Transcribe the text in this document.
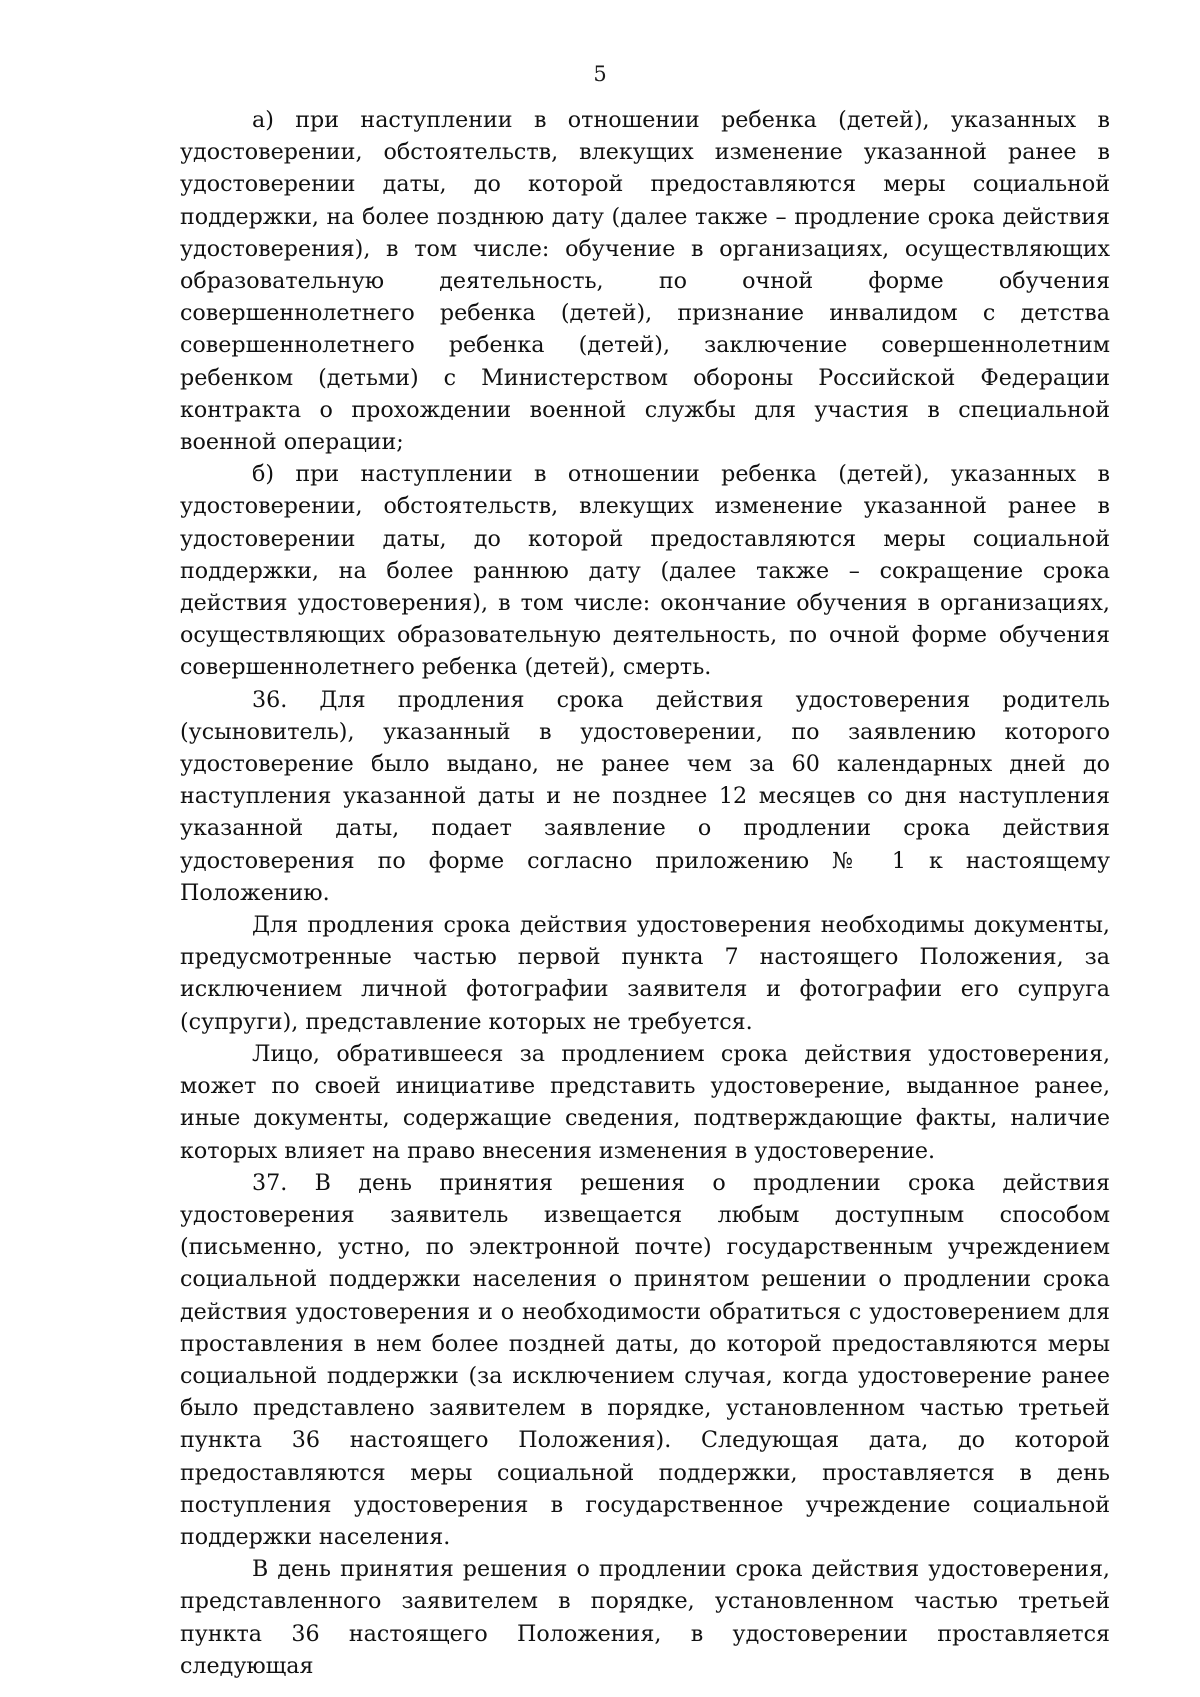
5

а) при наступлении в отношении ребенка (детей), указанных в удостоверении, обстоятельств, влекущих изменение указанной ранее в удостоверении даты, до которой предоставляются меры социальной поддержки, на более позднюю дату (далее также – продление срока действия удостоверения), в том числе: обучение в организациях, осуществляющих образовательную деятельность, по очной форме обучения совершеннолетнего ребенка (детей), признание инвалидом с детства совершеннолетнего ребенка (детей), заключение совершеннолетним ребенком (детьми) с Министерством обороны Российской Федерации контракта о прохождении военной службы для участия в специальной военной операции;

б) при наступлении в отношении ребенка (детей), указанных в удостоверении, обстоятельств, влекущих изменение указанной ранее в удостоверении даты, до которой предоставляются меры социальной поддержки, на более раннюю дату (далее также – сокращение срока действия удостоверения), в том числе: окончание обучения в организациях, осуществляющих образовательную деятельность, по очной форме обучения совершеннолетнего ребенка (детей), смерть.

36. Для продления срока действия удостоверения родитель (усыновитель), указанный в удостоверении, по заявлению которого удостоверение было выдано, не ранее чем за 60 календарных дней до наступления указанной даты и не позднее 12 месяцев со дня наступления указанной даты, подает заявление о продлении срока действия удостоверения по форме согласно приложению № 1 к настоящему Положению.

Для продления срока действия удостоверения необходимы документы, предусмотренные частью первой пункта 7 настоящего Положения, за исключением личной фотографии заявителя и фотографии его супруга (супруги), представление которых не требуется.

Лицо, обратившееся за продлением срока действия удостоверения, может по своей инициативе представить удостоверение, выданное ранее, иные документы, содержащие сведения, подтверждающие факты, наличие которых влияет на право внесения изменения в удостоверение.

37. В день принятия решения о продлении срока действия удостоверения заявитель извещается любым доступным способом (письменно, устно, по электронной почте) государственным учреждением социальной поддержки населения о принятом решении о продлении срока действия удостоверения и о необходимости обратиться с удостоверением для проставления в нем более поздней даты, до которой предоставляются меры социальной поддержки (за исключением случая, когда удостоверение ранее было представлено заявителем в порядке, установленном частью третьей пункта 36 настоящего Положения). Следующая дата, до которой предоставляются меры социальной поддержки, проставляется в день поступления удостоверения в государственное учреждение социальной поддержки населения.

В день принятия решения о продлении срока действия удостоверения, представленного заявителем в порядке, установленном частью третьей пункта 36 настоящего Положения, в удостоверении проставляется следующая
